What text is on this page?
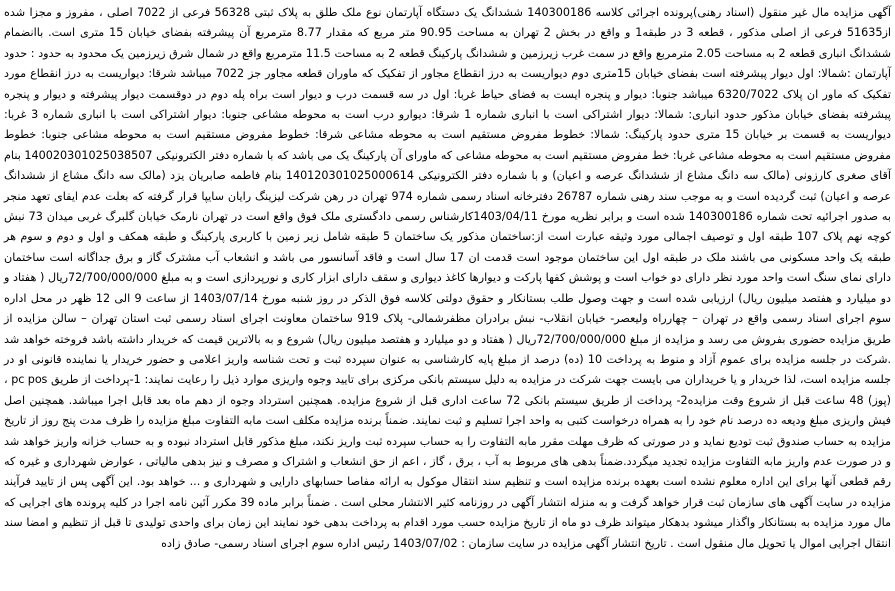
آگهی مزایده مال غیر منقول (اسناد رهنی)پرونده اجرائی کلاسه 140300186 ششدانگ یک دستگاه آپارتمان نوع ملک طلق به پلاک ثبتی 56328 فرعی از 7022 اصلی ، مفروز و مجزا شده از51635 فرعی از اصلی مذکور ، قطعه 3 در طبقه1 و واقع در بخش 2 تهران به مساحت 90.95 متر مربع که مقدار 8.77 مترمربع آن پیشرفته بفضای خیابان 15 متری است. باانضمام ششدانگ انباری قطعه 2 به مساحت 2.05 مترمربع واقع در سمت غرب زیرزمین و ششدانگ پارکینگ قطعه 2 به مساحت 11.5 مترمربع واقع در شمال شرق زیرزمین یک محدود به حدود : حدود آپارتمان :شمالا: اول دیوار پیشرفته است بفضای خیابان 15متری دوم دیواریست به درز انقطاع مجاور از تفکیک که ماوران قطعه مجاور جز 7022 میباشد شرقا: دیواریست به درز انقطاع مورد تفکیک که ماور ان پلاک 6320/7022 میباشد جنوبا: دیوار و پنجره ایست به فضای حیاط غربا: اول در سه قسمت درب و دیوار است براه پله دوم در دوقسمت دیوار پیشرفته و دیوار و پنجره پیشرفته بفضای خیابان مذکور حدود انباری: شمالا: دیوار اشتراکی است با انباری شماره 1 شرقا: دیوارو درب است به محوطه مشاعی جنوبا: دیوار اشتراکی است با انباری شماره 3 غربا: دیواریست به قسمت بر خیابان 15 متری حدود پارکینگ: شمالا: خطوط مفروض مستقیم است به محوطه مشاعی شرقا: خطوط مفروض مستقیم است به محوطه مشاعی جنوبا: خطوط مفروض مستقیم است به محوطه مشاعی غربا: خط مفروض مستقیم است به محوطه مشاعی که ماورای آن پارکینگ یک می باشد که با شماره دفتر الکترونیکی 140020301025038507 بنام آقای صغری کارزونی (مالک سه دانگ مشاع از ششدانگ عرصه و اعیان) و با شماره دفتر الکترونیکی 140120301025000614 بنام فاطمه صابریان یزد (مالک سه دانگ مشاع از ششدانگ عرصه و اعیان) ثبت گردیده است و به موجب سند رهنی شماره 26787 دفترخانه اسناد رسمی شماره 974 تهران در رهن شرکت لیزینگ رایان سایپا قرار گرفته که بعلت عدم ایفای تعهد منجر به صدور اجرائیه تحت شماره 140300186 شده است و برابر نظریه مورخ 1403/04/11کارشناس رسمی دادگستری ملک فوق واقع است در تهران نارمک خیابان گلبرگ غربی میدان 73 نبش کوچه نهم پلاک 107 طبقه اول و توصیف اجمالی مورد وثیقه عبارت است از:ساختمان مذکور یک ساختمان 5 طبقه شامل زیر زمین با کاربری پارکینگ و طبقه همکف و اول و دوم و سوم هر طبقه یک واحد مسکونی می باشند ملک در طبقه اول این ساختمان موجود است قدمت ان 17 سال است و فاقد آسانسور می باشد و انشعاب آب مشترک گاز و برق جداگانه است ساختمان دارای نمای سنگ است واحد مورد نظر دارای دو خواب است و پوشش کفها پارکت و دیوارها کاغذ دیواری و سقف دارای ابزار کاری و نورپردازی است و به مبلغ 72/700/000/000ریال ( هفتاد و دو میلیارد و هفتصد میلیون ریال) ارزیابی شده است و جهت وصول طلب بستانکار و حقوق دولتی کلاسه فوق الذکر در روز شنبه مورخ 1403/07/14 از ساعت 9 الی 12 ظهر در محل اداره سوم اجرای اسناد رسمی واقع در تهران – چهارراه ولیعصر- خیابان انقلاب- نبش برادران مظفرشمالی- پلاک 919 ساختمان معاونت اجرای اسناد رسمی ثبت استان تهران – سالن مزایده از طریق مزایده حضوری بفروش می رسد و مزایده از مبلغ 72/700/000/000ریال ( هفتاد و دو میلیارد و هفتصد میلیون ریال) شروع و به بالاترین قیمت که خریدار داشته باشد فروخته خواهد شد .شرکت در جلسه مزایده برای عموم آزاد و منوط به پرداخت 10 (ده) درصد از مبلغ پایه کارشناسی به عنوان سپرده ثبت و تحت شناسه واریز اعلامی و حضور خریدار یا نماینده قانونی او در جلسه مزایده است، لذا خریدار و یا خریداران می بایست جهت شرکت در مزایده به دلیل سیستم بانکی مرکزی برای تایید وجوه واریزی موارد ذیل را رعایت نمایند: 1-پرداخت از طریق pc pos ، (پوز) 48 ساعت قبل از شروع وقت مزایده2- پرداخت از طریق سیستم بانکی 72 ساعت اداری قبل از شروع مزایده. همچنین استرداد وجوه از دهم ماه بعد قابل اجرا میباشد. همچنین اصل فیش واریزی مبلغ ودیعه ده درصد نام خود را به همراه درخواست کتبی به واحد اجرا تسلیم و ثبت نمایند. ضمناً برنده مزایده مکلف است مابه التفاوت مبلغ مزایده را ظرف مدت پنج روز از تاریخ مزایده به حساب صندوق ثبت تودیع نماید و در صورتی که ظرف مهلت مقرر مابه التفاوت را به حساب سپرده ثبت واریز نکند، مبلغ مذکور قابل استرداد نبوده و به حساب خزانه واریز خواهد شد و در صورت عدم واریز مابه التفاوت مزایده تجدید میگردد.ضمناً بدهی های مربوط به آب ، برق ، گاز ، اعم از حق انشعاب و اشتراک و مصرف و نیز بدهی مالیاتی ، عوارض شهرداری و غیره که رقم قطعی آنها برای این اداره معلوم نشده است بعهده برنده مزایده است و تنظیم سند انتقال موکول به ارائه مفاصا حسابهای دارایی و شهرداری و ... خواهد بود. این آگهی پس از تایید فرآیند مزایده در سایت آگهی های سازمان ثبت قرار خواهد گرفت و به منزله انتشار آگهی در روزنامه کثیر الانتشار محلی است . ضمناً برابر ماده 39 مکرر آئین نامه اجرا در کلیه پرونده های اجرایی که مال مورد مزایده به بستانکار واگذار میشود بدهکار میتواند ظرف دو ماه از تاریخ مزایده حسب مورد اقدام به پرداخت بدهی خود نمایند این زمان برای واحدی تولیدی تا قبل از تنظیم و امضا سند انتقال اجرایی اموال یا تحویل مال منقول است . تاریخ انتشار آگهی مزایده در سایت سازمان : 1403/07/02 رئیس اداره سوم اجرای اسناد رسمی- صادق زاده
